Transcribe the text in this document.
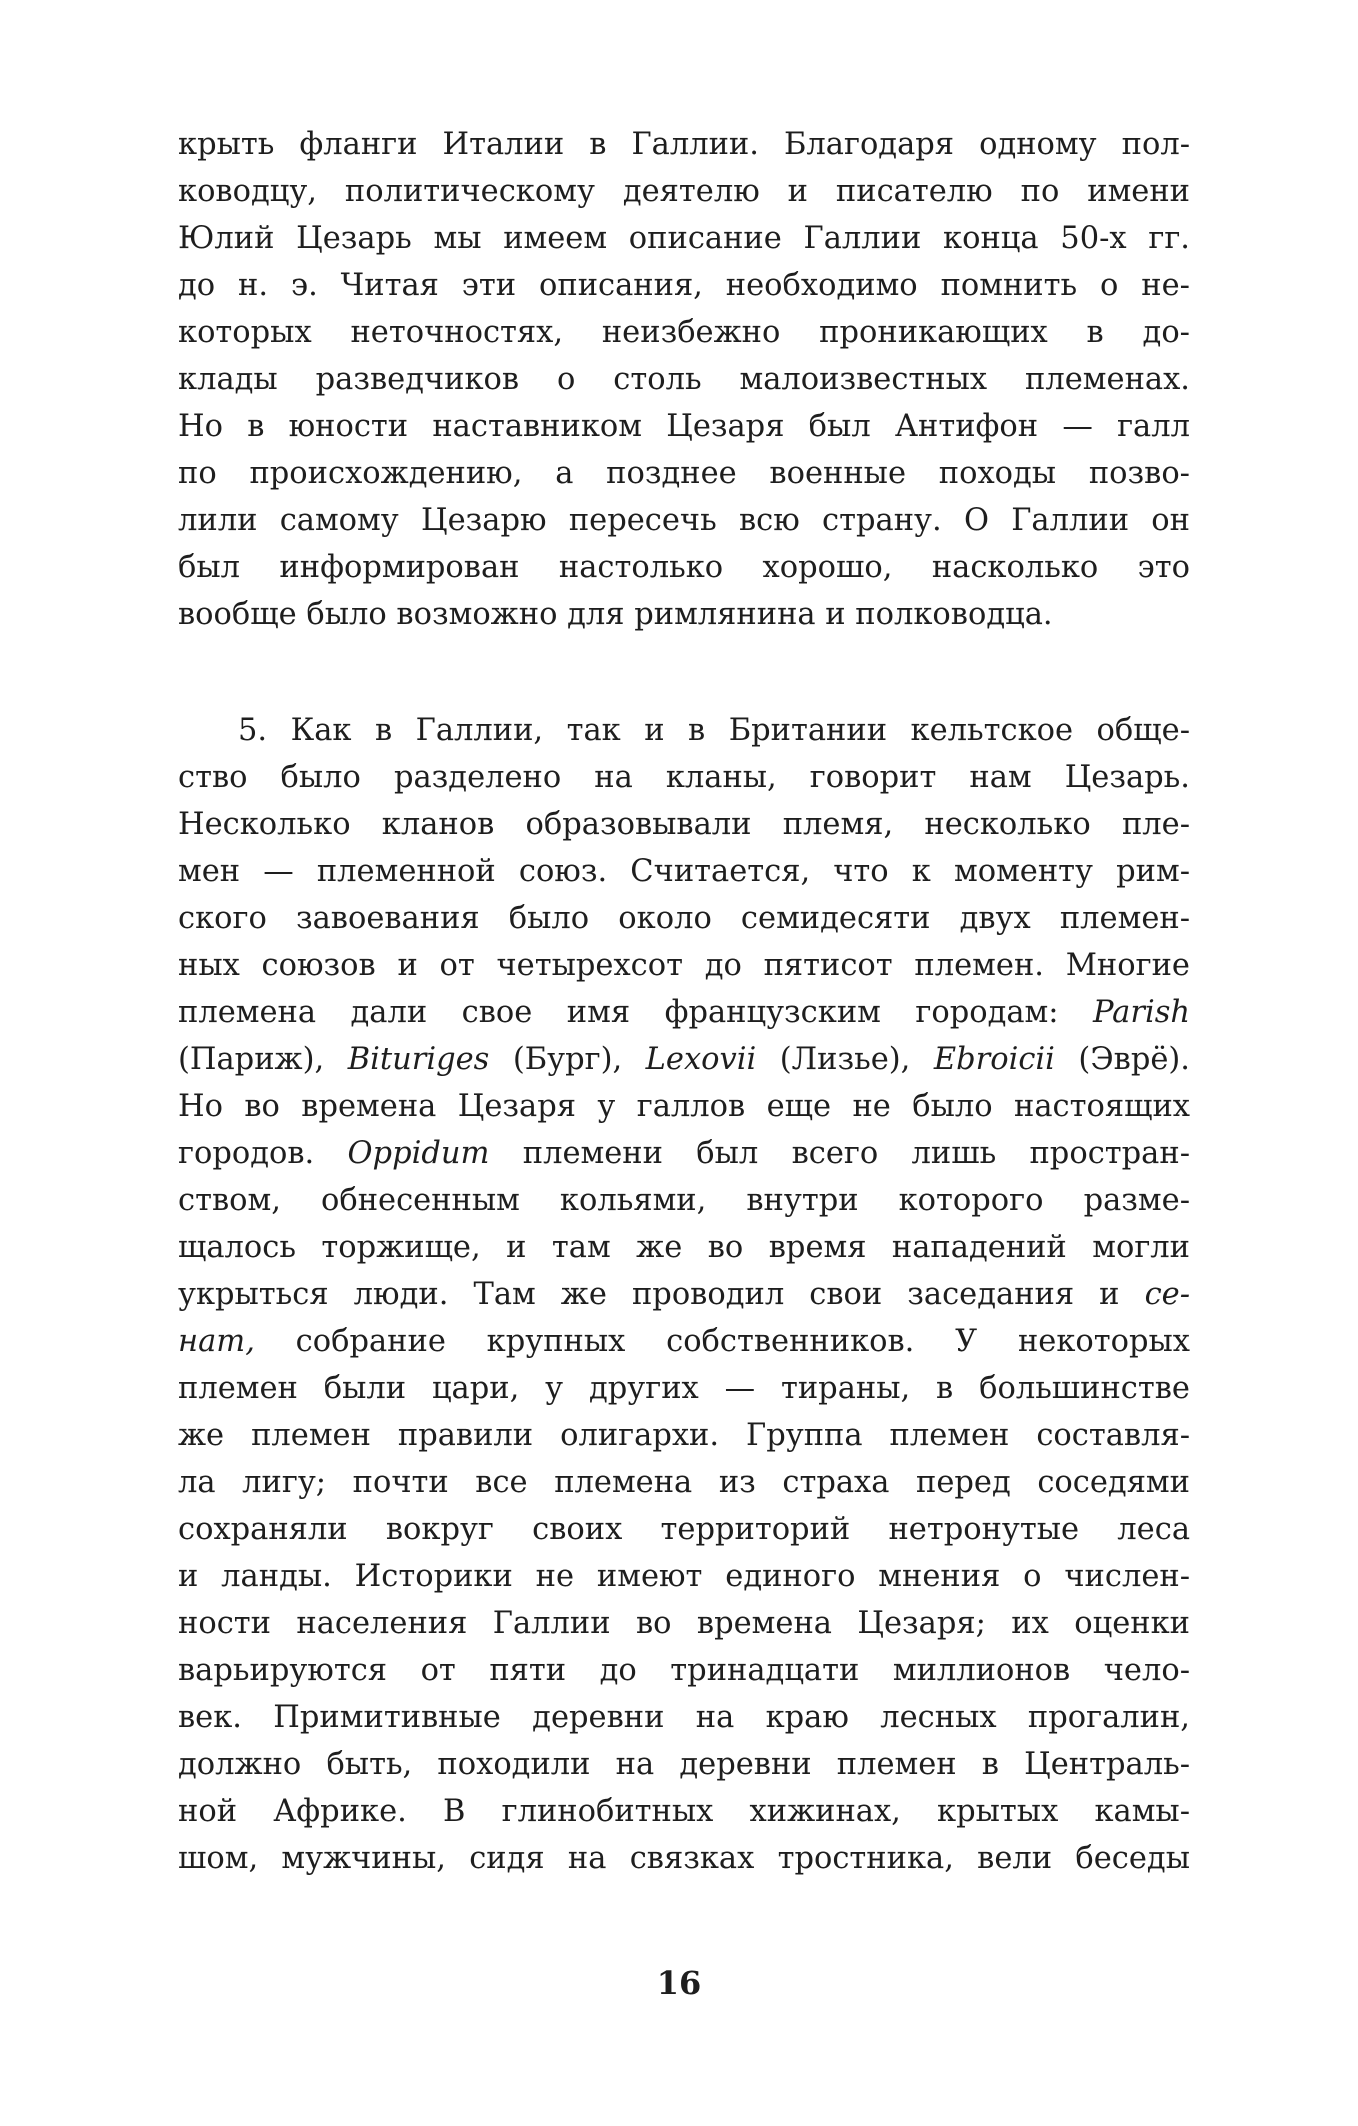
крыть фланги Италии в Галлии. Благодаря одному пол-
ководцу, политическому деятелю и писателю по имени
Юлий Цезарь мы имеем описание Галлии конца 50-х гг.
до н. э. Читая эти описания, необходимо помнить о не-
которых неточностях, неизбежно проникающих в до-
клады разведчиков о столь малоизвестных племенах.
Но в юности наставником Цезаря был Антифон — галл
по происхождению, а позднее военные походы позво-
лили самому Цезарю пересечь всю страну. О Галлии он
был информирован настолько хорошо, насколько это
вообще было возможно для римлянина и полководца.
5. Как в Галлии, так и в Британии кельтское обще-
ство было разделено на кланы, говорит нам Цезарь.
Несколько кланов образовывали племя, несколько пле-
мен — племенной союз. Считается, что к моменту рим-
ского завоевания было около семидесяти двух племен-
ных союзов и от четырехсот до пятисот племен. Многие
племена дали свое имя французским городам: Parish
(Париж), Bituriges (Бург), Lexovii (Лизье), Ebroicii (Эврё).
Но во времена Цезаря у галлов еще не было настоящих
городов. Oppidum племени был всего лишь простран-
ством, обнесенным кольями, внутри которого разме-
щалось торжище, и там же во время нападений могли
укрыться люди. Там же проводил свои заседания и се-
нат, собрание крупных собственников. У некоторых
племен были цари, у других — тираны, в большинстве
же племен правили олигархи. Группа племен составля-
ла лигу; почти все племена из страха перед соседями
сохраняли вокруг своих территорий нетронутые леса
и ланды. Историки не имеют единого мнения о числен-
ности населения Галлии во времена Цезаря; их оценки
варьируются от пяти до тринадцати миллионов чело-
век. Примитивные деревни на краю лесных прогалин,
должно быть, походили на деревни племен в Централь-
ной Африке. В глинобитных хижинах, крытых камы-
шом, мужчины, сидя на связках тростника, вели беседы
16
